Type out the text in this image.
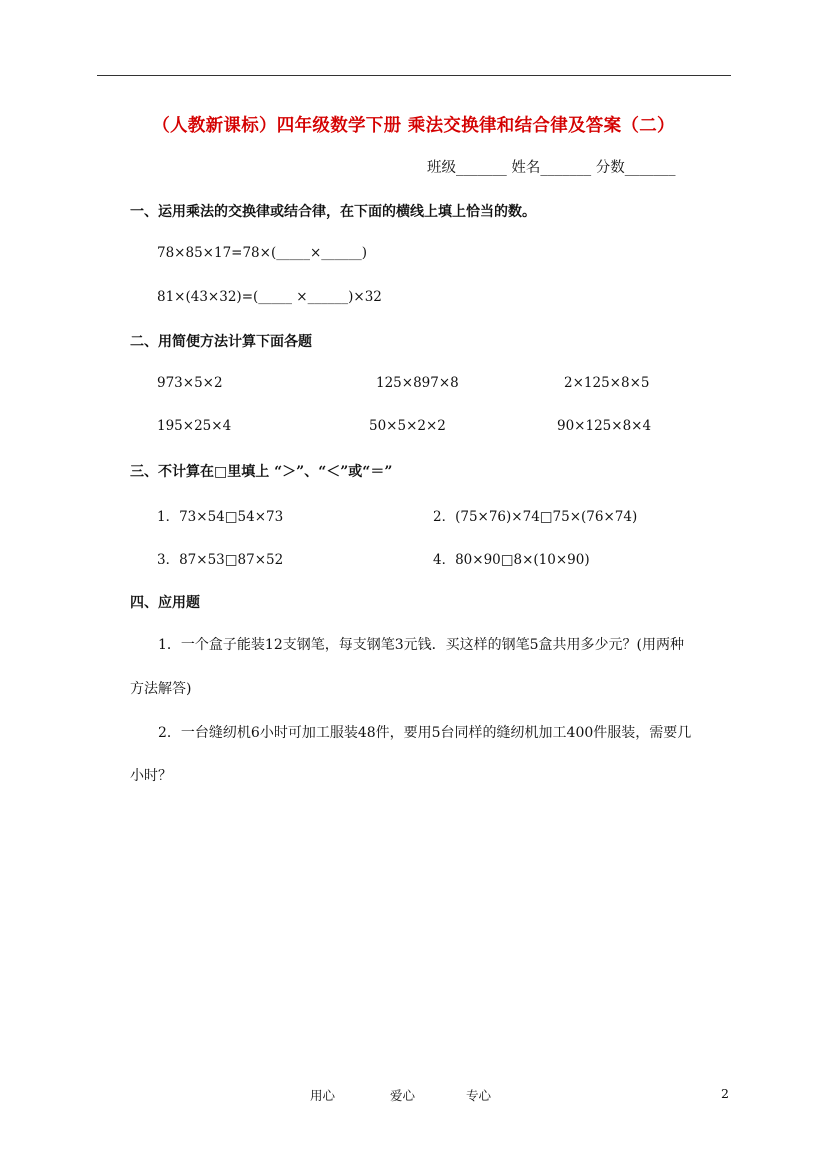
（人教新课标）四年级数学下册 乘法交换律和结合律及答案（二）
班级_______ 姓名_______ 分数_______
一、运用乘法的交换律或结合律，在下面的横线上填上恰当的数。
78×85×17=78×(_____×______)
81×(43×32)=(_____ ×______)×32
二、用简便方法计算下面各题
973×5×2	125×897×8	2×125×8×5
195×25×4	50×5×2×2	90×125×8×4
三、不计算在□里填上 “＞”、“＜”或“＝”
1．73×54□54×73	2．(75×76)×74□75×(76×74)
3．87×53□87×52	4．80×90□8×(10×90)
四、应用题
1．一个盒子能装12支钢笔，每支钢笔3元钱．买这样的钢笔5盒共用多少元？(用两种
方法解答)
2．一台缝纫机6小时可加工服装48件，要用5台同样的缝纫机加工400件服装，需要几
小时？
用心	爱心	专心	2
